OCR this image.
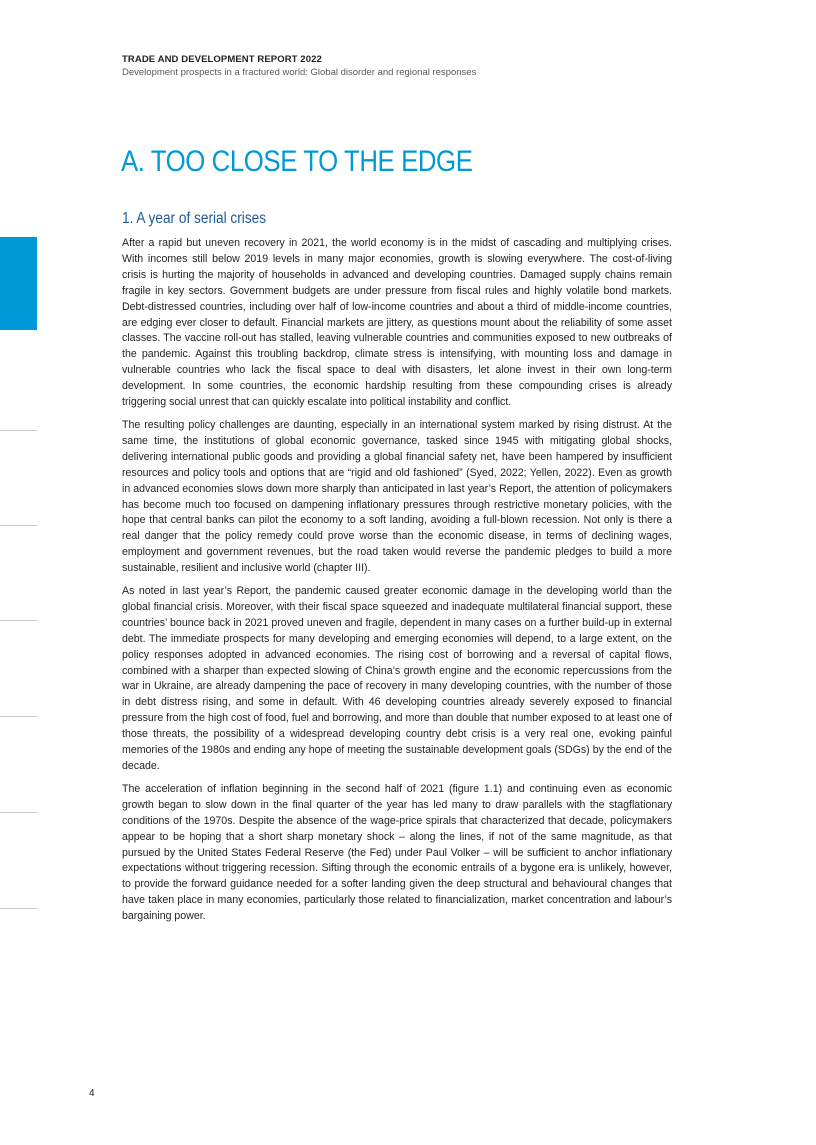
TRADE AND DEVELOPMENT REPORT 2022
Development prospects in a fractured world: Global disorder and regional responses
A. TOO CLOSE TO THE EDGE
1. A year of serial crises

After a rapid but uneven recovery in 2021, the world economy is in the midst of cascading and multiplying crises. With incomes still below 2019 levels in many major economies, growth is slowing everywhere. The cost-of-living crisis is hurting the majority of households in advanced and developing countries. Damaged supply chains remain fragile in key sectors. Government budgets are under pressure from fiscal rules and highly volatile bond markets. Debt-distressed countries, including over half of low-income countries and about a third of middle-income countries, are edging ever closer to default. Financial markets are jittery, as questions mount about the reliability of some asset classes. The vaccine roll-out has stalled, leaving vulnerable countries and communities exposed to new outbreaks of the pandemic. Against this troubling backdrop, climate stress is intensifying, with mounting loss and damage in vulnerable countries who lack the fiscal space to deal with disasters, let alone invest in their own long-term development. In some countries, the economic hardship resulting from these compounding crises is already triggering social unrest that can quickly escalate into political instability and conflict.

The resulting policy challenges are daunting, especially in an international system marked by rising distrust. At the same time, the institutions of global economic governance, tasked since 1945 with mitigating global shocks, delivering international public goods and providing a global financial safety net, have been hampered by insufficient resources and policy tools and options that are “rigid and old fashioned” (Syed, 2022; Yellen, 2022). Even as growth in advanced economies slows down more sharply than anticipated in last year’s Report, the attention of policymakers has become much too focused on dampening inflationary pressures through restrictive monetary policies, with the hope that central banks can pilot the economy to a soft landing, avoiding a full-blown recession. Not only is there a real danger that the policy remedy could prove worse than the economic disease, in terms of declining wages, employment and government revenues, but the road taken would reverse the pandemic pledges to build a more sustainable, resilient and inclusive world (chapter III).

As noted in last year’s Report, the pandemic caused greater economic damage in the developing world than the global financial crisis. Moreover, with their fiscal space squeezed and inadequate multilateral financial support, these countries’ bounce back in 2021 proved uneven and fragile, dependent in many cases on a further build-up in external debt. The immediate prospects for many developing and emerging economies will depend, to a large extent, on the policy responses adopted in advanced economies. The rising cost of borrowing and a reversal of capital flows, combined with a sharper than expected slowing of China’s growth engine and the economic repercussions from the war in Ukraine, are already dampening the pace of recovery in many developing countries, with the number of those in debt distress rising, and some in default. With 46 developing countries already severely exposed to financial pressure from the high cost of food, fuel and borrowing, and more than double that number exposed to at least one of those threats, the possibility of a widespread developing country debt crisis is a very real one, evoking painful memories of the 1980s and ending any hope of meeting the sustainable development goals (SDGs) by the end of the decade.

The acceleration of inflation beginning in the second half of 2021 (figure 1.1) and continuing even as economic growth began to slow down in the final quarter of the year has led many to draw parallels with the stagflationary conditions of the 1970s. Despite the absence of the wage-price spirals that characterized that decade, policymakers appear to be hoping that a short sharp monetary shock – along the lines, if not of the same magnitude, as that pursued by the United States Federal Reserve (the Fed) under Paul Volker – will be sufficient to anchor inflationary expectations without triggering recession. Sifting through the economic entrails of a bygone era is unlikely, however, to provide the forward guidance needed for a softer landing given the deep structural and behavioural changes that have taken place in many economies, particularly those related to financialization, market concentration and labour’s bargaining power.

4
